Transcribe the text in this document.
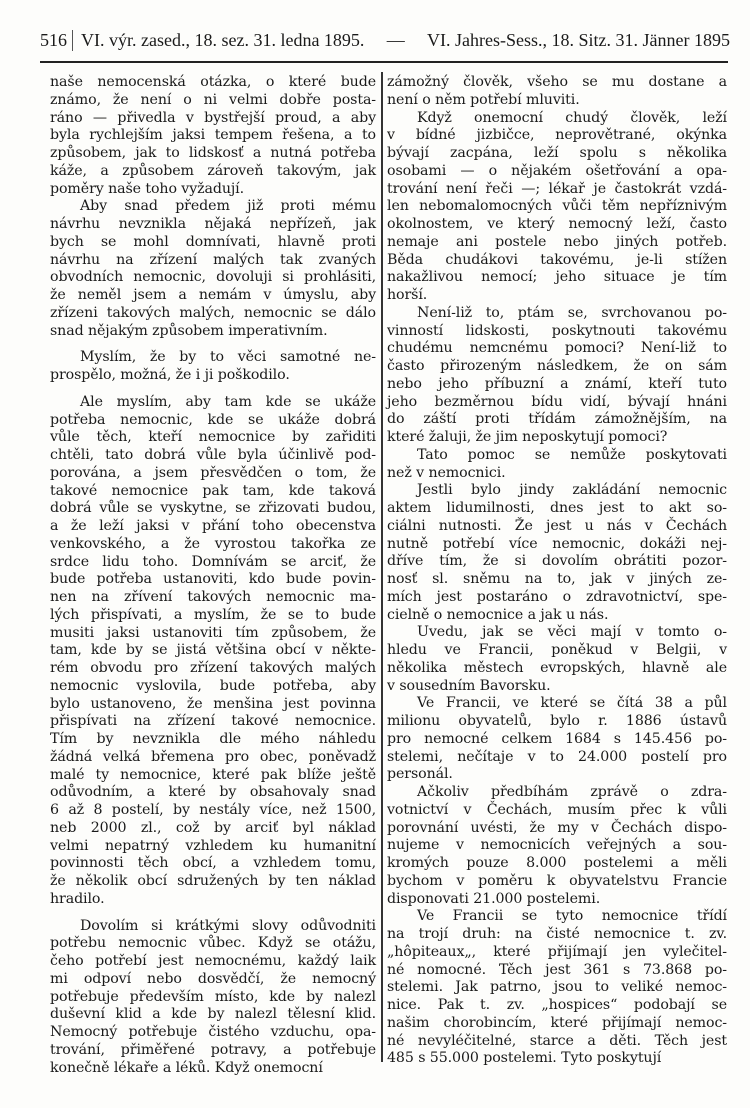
516 VI. výr. zased., 18. sez. 31. ledna 1895. — VI. Jahres-Sess., 18. Sitz. 31. Jänner 1895
naše nemocenská otázka, o které bude
známo, že není o ni velmi dobře posta-
ráno — přivedla v bystřejší proud, a aby
byla rychlejším jaksi tempem řešena, a to
způsobem, jak to lidskosť a nutná potřeba
káže, a způsobem zároveň takovým, jak
poměry naše toho vyžadují.
Aby snad předem již proti mému
návrhu nevznikla nějaká nepřízeň, jak
bych se mohl domnívati, hlavně proti
návrhu na zřízení malých tak zvaných
obvodních nemocnic, dovoluji si prohlásiti,
že neměl jsem a nemám v úmyslu, aby
zřízeni takových malých, nemocnic se dálo
snad nějakým způsobem imperativním.
Myslím, že by to věci samotné ne-
prospělo, možná, že i ji poškodilo.
Ale myslím, aby tam kde se ukáže
potřeba nemocnic, kde se ukáže dobrá
vůle těch, kteří nemocnice by zařiditi
chtěli, tato dobrá vůle byla účinlivě pod-
porována, a jsem přesvědčen o tom, že
takové nemocnice pak tam, kde taková
dobrá vůle se vyskytne, se zřizovati budou,
a že leží jaksi v přání toho obecenstva
venkovského, a že vyrostou takořka ze
srdce lidu toho. Domnívám se arciť, že
bude potřeba ustanoviti, kdo bude povin-
nen na zřívení takových nemocnic ma-
lých přispívati, a myslím, že se to bude
musiti jaksi ustanoviti tím způsobem, že
tam, kde by se jistá většina obcí v někte-
rém obvodu pro zřízení takových malých
nemocnic vyslovila, bude potřeba, aby
bylo ustanoveno, že menšina jest povinna
přispívati na zřízení takové nemocnice.
Tím by nevznikla dle mého náhledu
žádná velká břemena pro obec, poněvadž
malé ty nemocnice, které pak blíže ještě
odůvodním, a které by obsahovaly snad
6 až 8 postelí, by nestály více, než 1500,
neb 2000 zl., což by arciť byl náklad
velmi nepatrný vzhledem ku humanitní
povinnosti těch obcí, a vzhledem tomu,
že několik obcí sdružených by ten náklad
hradilo.
Dovolím si krátkými slovy odůvodniti
potřebu nemocnic vůbec. Když se otážu,
čeho potřebí jest nemocnému, každý laik
mi odpoví nebo dosvědčí, že nemocný
potřebuje především místo, kde by nalezl
duševní klid a kde by nalezl tělesní klid.
Nemocný potřebuje čistého vzduchu, opa-
trování, přiměřené potravy, a potřebuje
konečně lékaře a léků. Když onemocní
zámožný člověk, všeho se mu dostane a
není o něm potřebí mluviti.
Když onemocní chudý člověk, leží
v bídné jizbičce, neprovětrané, okýnka
bývají zacpána, leží spolu s několika
osobami — o nějakém ošetřování a opa-
trování není řeči —; lékař je častokrát vzdá-
len nebomalomocných vůči těm nepříznivým
okolnostem, ve který nemocný leží, často
nemaje ani postele nebo jiných potřeb.
Běda chudákovi takovému, je-li stížen
nakažlivou nemocí; jeho situace je tím
horší.
Není-liž to, ptám se, svrchovanou po-
vinností lidskosti, poskytnouti takovému
chudému nemcnému pomoci? Není-liž to
často přirozeným následkem, že on sám
nebo jeho příbuzní a známí, kteří tuto
jeho bezměrnou bídu vidí, bývají hnáni
do záští proti třídám zámožnějším, na
které žaluji, že jim neposkytují pomoci?
Tato pomoc se nemůže poskytovati
než v nemocnici.
Jestli bylo jindy zakládání nemocnic
aktem lidumilnosti, dnes jest to akt so-
ciálni nutnosti. Že jest u nás v Čechách
nutně potřebí více nemocnic, dokáži nej-
dříve tím, že si dovolím obrátiti pozor-
nosť sl. sněmu na to, jak v jiných ze-
mích jest postaráno o zdravotnictví, spe-
cielně o nemocnice a jak u nás.
Uvedu, jak se věci mají v tomto o-
hledu ve Francii, poněkud v Belgii, v
několika městech evropských, hlavně ale
v sousedním Bavorsku.
Ve Francii, ve které se čítá 38 a půl
milionu obyvatelů, bylo r. 1886 ústavů
pro nemocné celkem 1684 s 145.456 po-
stelemi, nečítaje v to 24.000 postelí pro
personál.
Ačkoliv předbíhám zprávě o zdra-
votnictví v Čechách, musím přec k vůli
porovnání uvésti, že my v Čechách dispo-
nujeme v nemocnicích veřejných a sou-
kromých pouze 8.000 postelemi a měli
bychom v poměru k obyvatelstvu Francie
disponovati 21.000 postelemi.
Ve Francii se tyto nemocnice třídí
na trojí druh: na čisté nemocnice t. zv.
„hôpiteaux„, které přijímají jen vylečitel-
né nomocné. Těch jest 361 s 73.868 po-
stelemi. Jak patrno, jsou to veliké nemoc-
nice. Pak t. zv. „hospices“ podobají se
našim chorobincím, které přijímají nemoc-
né nevyléčitelné, starce a děti. Těch jest
485 s 55.000 postelemi. Tyto poskytují
